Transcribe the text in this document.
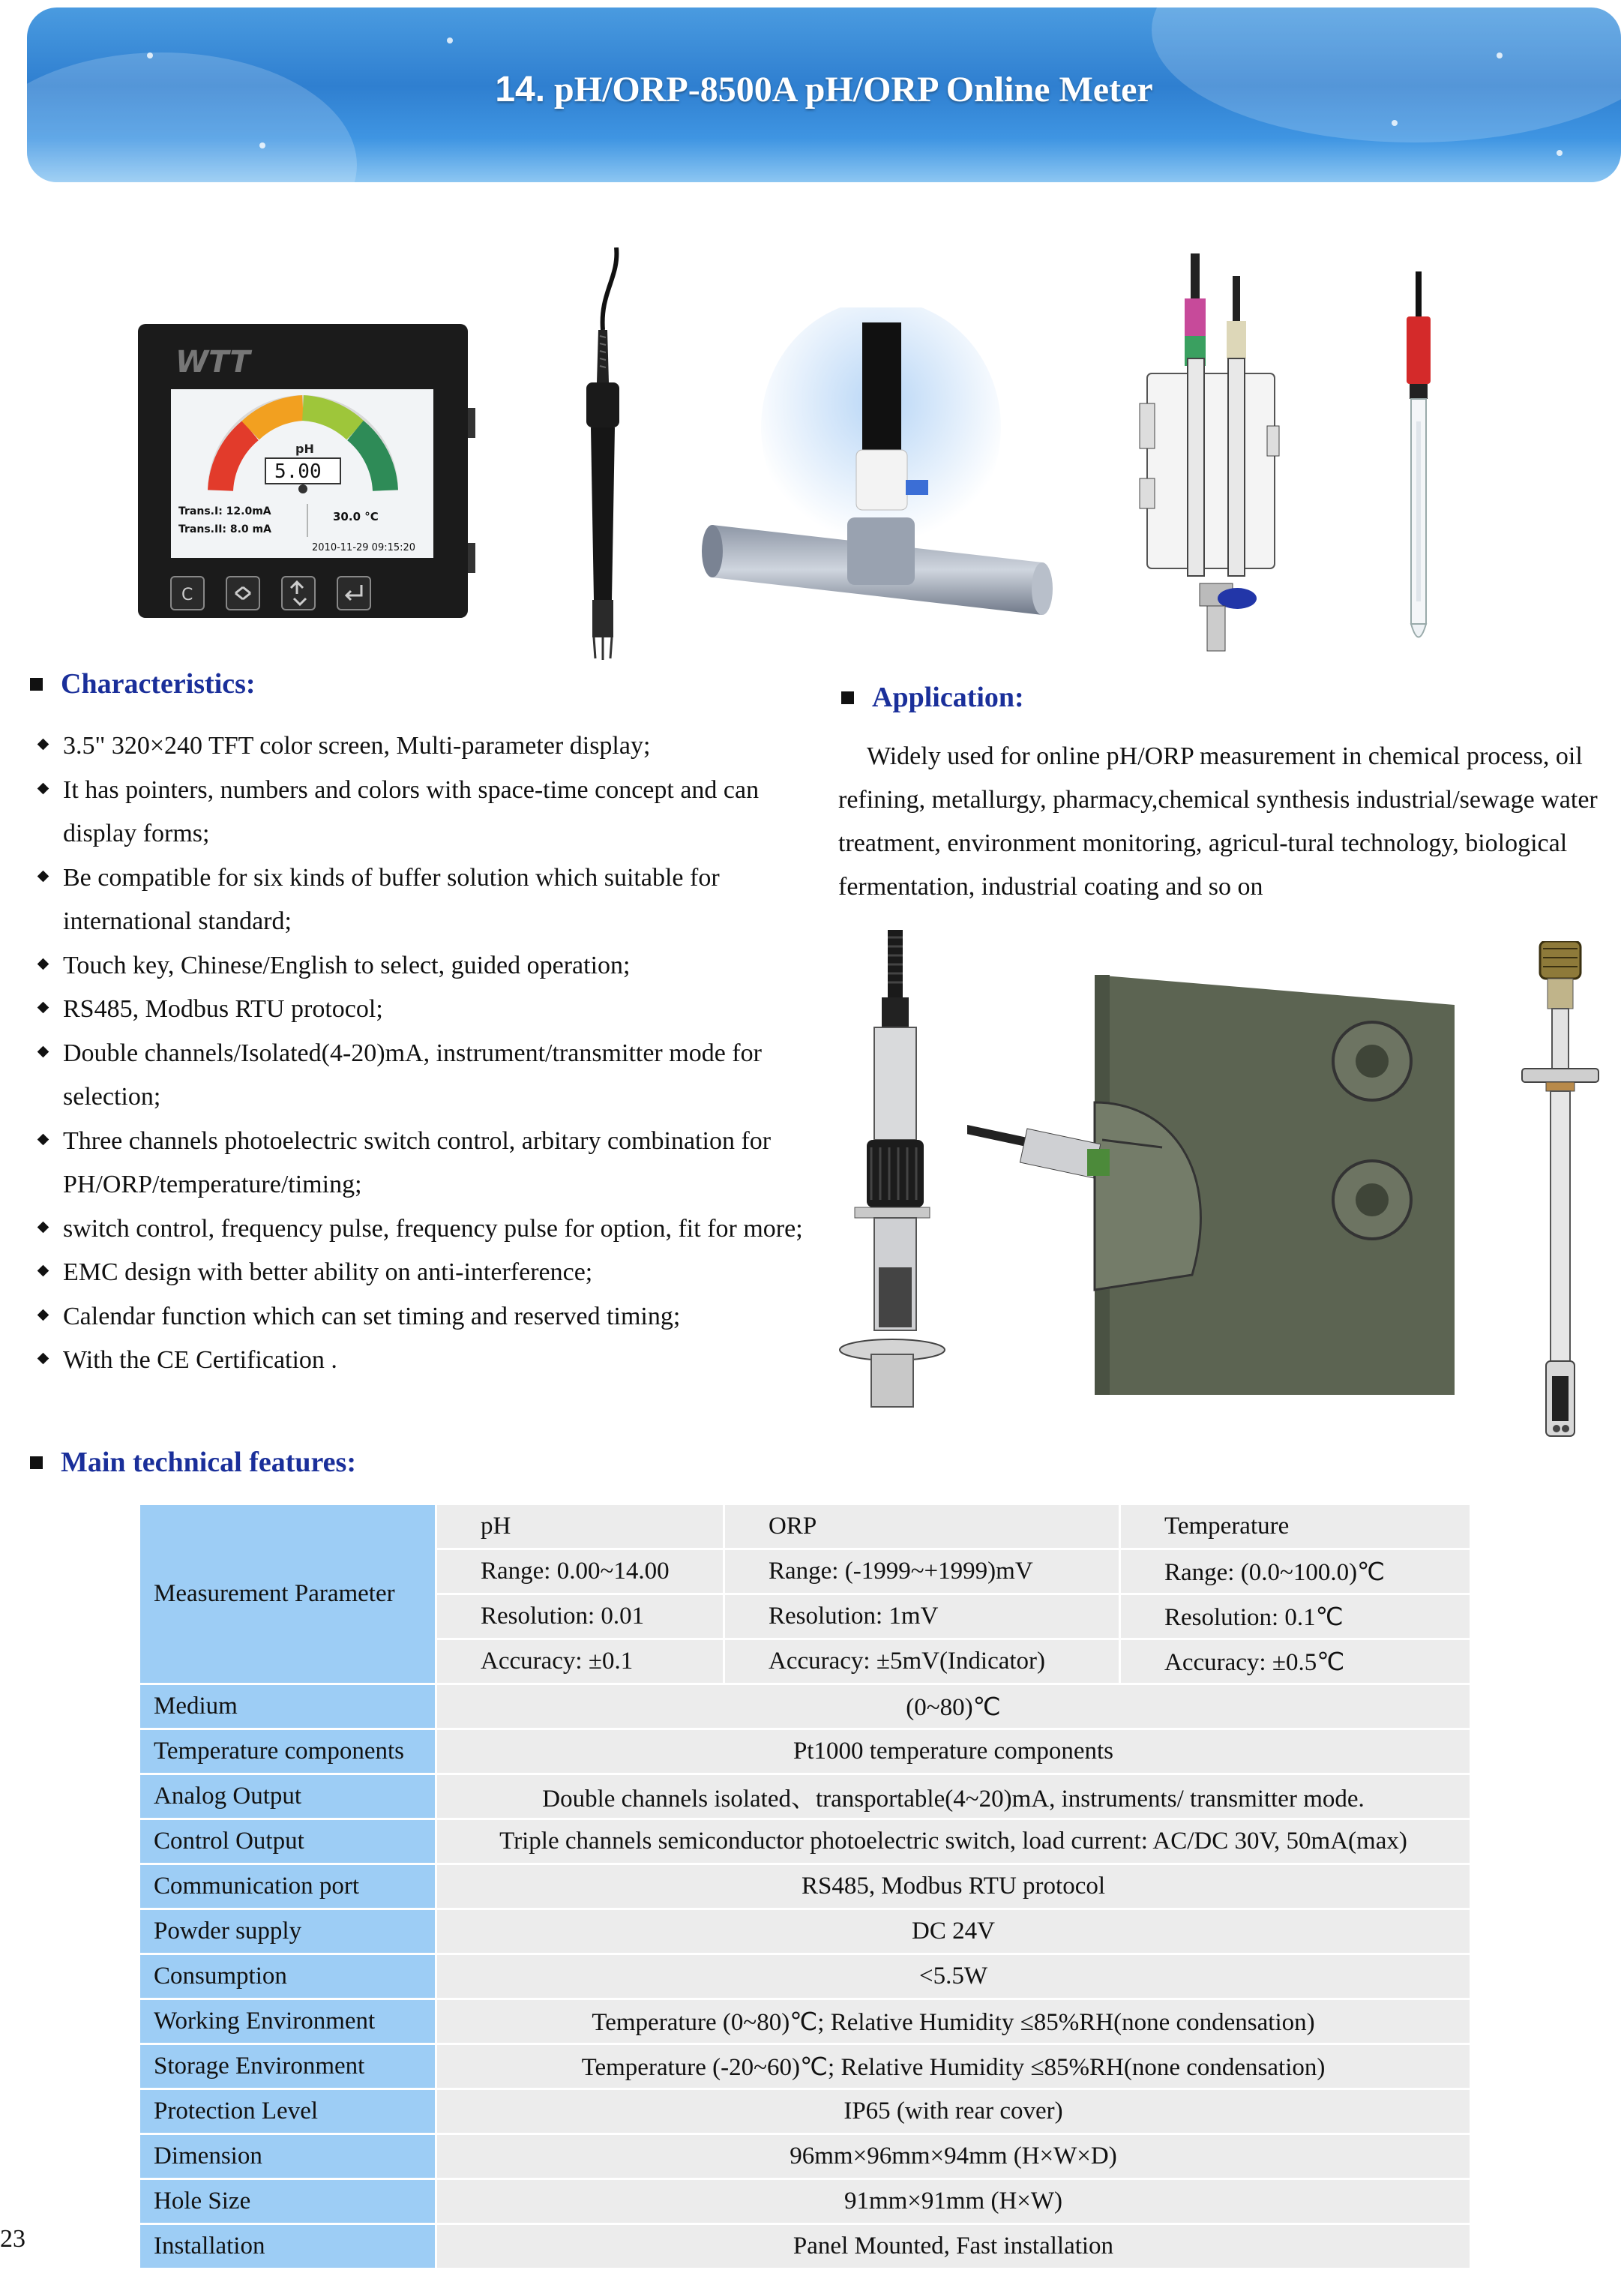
14. pH/ORP-8500A pH/ORP Online Meter
WTT
pH
5.00
Trans.I: 12.0mA
Trans.II: 8.0 mA
30.0 °C
2010-11-29 09:15:20
C
Characteristics:
3.5" 320×240 TFT color screen, Multi-parameter display;
It has pointers, numbers and colors with space-time concept and can display forms;
Be compatible for six kinds of buffer solution which suitable for international standard;
Touch key, Chinese/English to select, guided operation;
RS485, Modbus RTU protocol;
Double channels/Isolated(4-20)mA, instrument/transmitter mode for selection;
Three channels photoelectric switch control, arbitary combination for PH/ORP/temperature/timing;
switch control, frequency pulse, frequency pulse for option, fit for more;
EMC design with better ability on anti-interference;
Calendar function which can set timing and reserved timing;
With the CE Certification .
Application:
Widely used for online pH/ORP measurement in chemical process, oil refining, metallurgy, pharmacy,chemical synthesis industrial/sewage water treatment, environment monitoring, agricul-tural technology, biological fermentation, industrial coating and so on
Main technical features:
Measurement Parameter	pH	ORP	Temperature
	Range: 0.00~14.00	Range: (-1999~+1999)mV	Range: (0.0~100.0)℃
	Resolution: 0.01	Resolution: 1mV	Resolution: 0.1℃
	Accuracy: ±0.1	Accuracy: ±5mV(Indicator)	Accuracy: ±0.5℃
Medium	(0~80)℃		
Temperature components	Pt1000 temperature components		
Analog Output	Double channels isolated、transportable(4~20)mA, instruments/ transmitter mode.		
Control Output	Triple channels semiconductor photoelectric switch, load current: AC/DC 30V, 50mA(max)		
Communication port	RS485, Modbus RTU protocol		
Powder supply	DC 24V		
Consumption	<5.5W		
Working Environment	Temperature (0~80)℃; Relative Humidity ≤85%RH(none condensation)		
Storage Environment	Temperature (-20~60)℃; Relative Humidity ≤85%RH(none condensation)		
Protection Level	IP65 (with rear cover)		
Dimension	96mm×96mm×94mm (H×W×D)		
Hole Size	91mm×91mm (H×W)		
Installation	Panel Mounted, Fast installation		
23
